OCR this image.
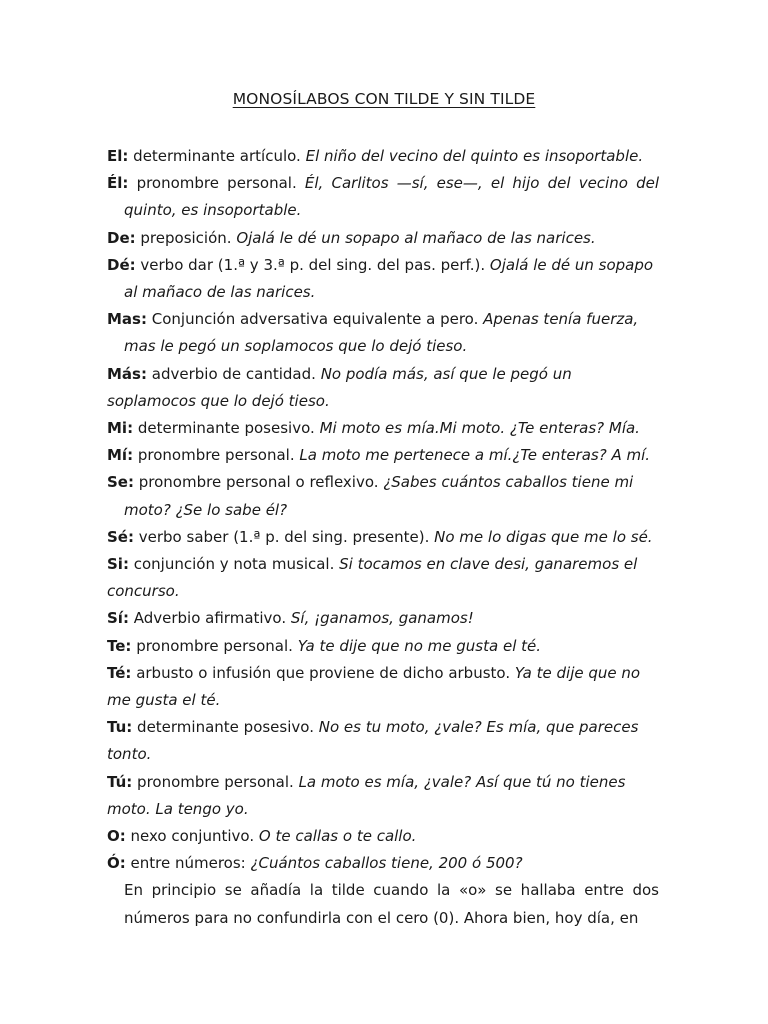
MONOSÍLABOS CON TILDE Y SIN TILDE
El: determinante artículo. El niño del vecino del quinto es insoportable.
Él: pronombre personal. Él, Carlitos —sí, ese—, el hijo del vecino del quinto, es insoportable.
De: preposición. Ojalá le dé un sopapo al mañaco de las narices.
Dé: verbo dar (1.ª y 3.ª p. del sing. del pas. perf.). Ojalá le dé un sopapo al mañaco de las narices.
Mas: Conjunción adversativa equivalente a pero. Apenas tenía fuerza, mas le pegó un soplamocos que lo dejó tieso.
Más: adverbio de cantidad. No podía más, así que le pegó un soplamocos que lo dejó tieso.
Mi: determinante posesivo. Mi moto es mía.Mi moto. ¿Te enteras? Mía.
Mí: pronombre personal. La moto me pertenece a mí.¿Te enteras? A mí.
Se: pronombre personal o reflexivo. ¿Sabes cuántos caballos tiene mi moto? ¿Se lo sabe él?
Sé: verbo saber (1.ª p. del sing. presente). No me lo digas que me lo sé.
Si: conjunción y nota musical. Si tocamos en clave desi, ganaremos el concurso.
Sí: Adverbio afirmativo. Sí, ¡ganamos, ganamos!
Te: pronombre personal. Ya te dije que no me gusta el té.
Té: arbusto o infusión que proviene de dicho arbusto. Ya te dije que no me gusta el té.
Tu: determinante posesivo. No es tu moto, ¿vale? Es mía, que pareces tonto.
Tú: pronombre personal. La moto es mía, ¿vale? Así que tú no tienes moto. La tengo yo.
O: nexo conjuntivo. O te callas o te callo.
Ó: entre números: ¿Cuántos caballos tiene, 200 ó 500?
En principio se añadía la tilde cuando la «o» se hallaba entre dos números para no confundirla con el cero (0). Ahora bien, hoy día, en
